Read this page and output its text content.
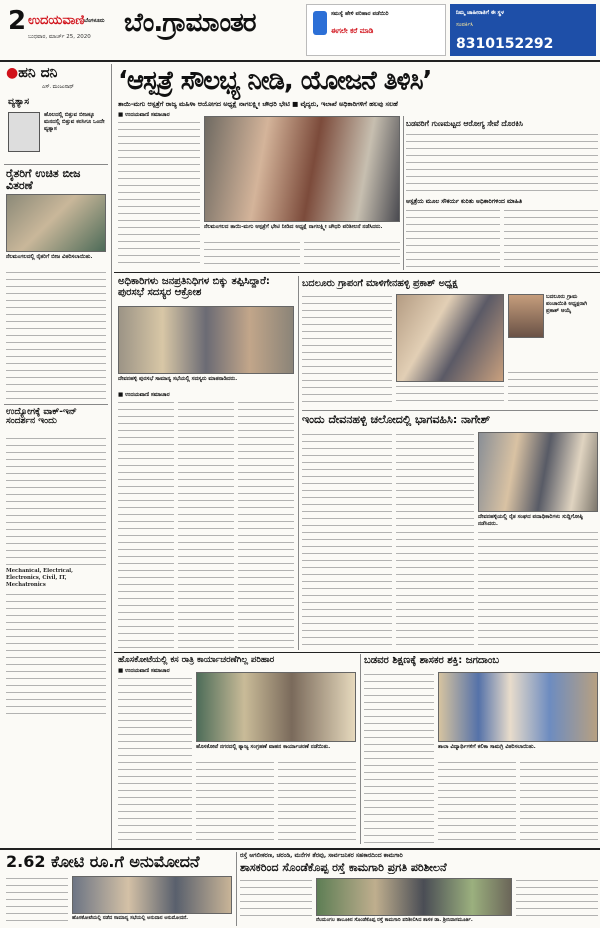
2 ಉದಯವಾಣಿ ಬೆಂಗಳೂರು
ಬುಧವಾರ, ಮಾರ್ಚ್ 25, 2020 ಬೆಂ.ಗ್ರಾಮಾಂತರ	ಸಮಸ್ಯೆ ಹೇಳಿ ಪರಿಹಾರ ಪಡೆಯಿರಿ
ಈಗಲೇ ಕರೆ ಮಾಡಿ
ನಿಮ್ಮ ಜಾಹೀರಾತಿಗೆ ಈ ಸ್ಥಳ
ಸಂಪರ್ಕಿಸಿ
8310152292
●ಹನಿ ದನಿ
ಎಸ್. ಮಂಜುನಾಥ್
ವ್ಯತ್ಯಾಸ
ಹೊಲದಲ್ಲಿ ಬಿತ್ತುವ ಬೀಜಕ್ಕೂ ಮನದಲ್ಲಿ ಬಿತ್ತುವ ಕನಸಿಗೂ ಒಂದೇ ವ್ಯತ್ಯಾಸ
ರೈತರಿಗೆ ಉಚಿತ ಬೀಜ ವಿತರಣೆ
ನೆಲಮಂಗಲದಲ್ಲಿ ರೈತರಿಗೆ ಬೀಜ ವಿತರಿಸಲಾಯಿತು.
ಉದ್ಯೋಗಕ್ಕೆ ವಾಕ್-ಇನ್ ಸಂದರ್ಶನ ಇಂದು
Mechanical, Electrical, Electronics, Civil, IT, Mechatronics
‘ಆಸ್ಪತ್ರೆ ಸೌಲಭ್ಯ ನೀಡಿ, ಯೋಜನೆ ತಿಳಿಸಿ’
ತಾಯಿ-ಮಗು ಆಸ್ಪತ್ರೆಗೆ ರಾಜ್ಯ ಮಹಿಳಾ ಆಯೋಗದ ಅಧ್ಯಕ್ಷೆ ನಾಗಲಕ್ಷ್ಮೀ ಚೌಧರಿ ಭೇಟಿ ■ ವೈದ್ಯರು, ಇಲಾಖೆ ಅಧಿಕಾರಿಗಳಿಗೆ ಹಲವು ಸಲಹೆ
■ ಉದಯವಾಣಿ ಸಮಾಚಾರ
ನೆಲಮಂಗಲದ ತಾಯಿ-ಮಗು ಆಸ್ಪತ್ರೆಗೆ ಭೇಟಿ ನೀಡಿದ ಅಧ್ಯಕ್ಷೆ ನಾಗಲಕ್ಷ್ಮೀ ಚೌಧರಿ ಪರಿಶೀಲನೆ ನಡೆಸಿದರು.
ಬಡವರಿಗೆ ಗುಣಮಟ್ಟದ ಆರೋಗ್ಯ ಸೇವೆ ದೊರಕಿಸಿ
ಆಸ್ಪತ್ರೆಯ ಮೂಲ ಸೌಕರ್ಯ ಕುರಿತು ಅಧಿಕಾರಿಗಳಿಂದ ಮಾಹಿತಿ
ಅಧಿಕಾರಿಗಳು ಜನಪ್ರತಿನಿಧಿಗಳ ಬಿಕ್ಕು ತಪ್ಪಿಸಿದ್ದಾರೆ: ಪುರಸಭೆ ಸದಸ್ಯರ ಆಕ್ರೋಶ
ದೇವನಹಳ್ಳಿ ಪುರಸಭೆ ಸಾಮಾನ್ಯ ಸಭೆಯಲ್ಲಿ ಸದಸ್ಯರು ಮಾತನಾಡಿದರು.
■ ಉದಯವಾಣಿ ಸಮಾಚಾರ
ಬದಲೂರು ಗ್ರಾಪಂಗೆ ಮಾಳಿಗೇನಹಳ್ಳಿ ಪ್ರಕಾಶ್ ಅಧ್ಯಕ್ಷ
ಬದಲೂರು ಗ್ರಾಮ ಪಂಚಾಯಿತಿ ಅಧ್ಯಕ್ಷರಾಗಿ ಪ್ರಕಾಶ್ ಆಯ್ಕೆ
ಇಂದು ದೇವನಹಳ್ಳಿ ಚಲೋದಲ್ಲಿ ಭಾಗವಹಿಸಿ: ನಾಗೇಶ್
ದೇವನಹಳ್ಳಿಯಲ್ಲಿ ರೈತ ಸಂಘದ ಪದಾಧಿಕಾರಿಗಳು ಸುದ್ದಿಗೋಷ್ಠಿ ನಡೆಸಿದರು.
ಹೊಸಕೋಟೆಯಲ್ಲಿ ಕಸ ರಾತ್ರಿ ಕಾರ್ಯಾಚರಣೆಗಿಲ್ಲ ಪರಿಹಾರ
■ ಉದಯವಾಣಿ ಸಮಾಚಾರ
ಹೊಸಕೋಟೆ ನಗರದಲ್ಲಿ ತ್ಯಾಜ್ಯ ಸಂಗ್ರಹಣೆ ವಾಹನ ಕಾರ್ಯಾಚರಣೆ ನಡೆಯಿತು.
ಬಡವರ ಶಿಕ್ಷಣಕ್ಕೆ ಶಾಸಕರ ಶಕ್ತಿ: ಜಗದಾಂಬ
ಶಾಲಾ ವಿದ್ಯಾರ್ಥಿಗಳಿಗೆ ಕಲಿಕಾ ಸಾಮಗ್ರಿ ವಿತರಿಸಲಾಯಿತು.
2.62 ಕೋಟಿ ರೂ.ಗೆ ಅನುಮೋದನೆ
ಹೊಸಕೋಟೆಯಲ್ಲಿ ನಡೆದ ಸಾಮಾನ್ಯ ಸಭೆಯಲ್ಲಿ ಅನುದಾನ ಅನುಮೋದನೆ.
ರಸ್ತೆ ಅಗಲೀಕರಣ, ಚರಂಡಿ, ಮನೆಗಳ ತೆರವು, ಸಾರ್ವಜನಿಕರ ಸಹಕಾರದಿಂದ ಕಾಮಗಾರಿ
ಶಾಸಕರಿಂದ ಸೊಂಡೆಕೊಪ್ಪ ರಸ್ತೆ ಕಾಮಗಾರಿ ಪ್ರಗತಿ ಪರಿಶೀಲನೆ
ನೆಲಮಂಗಲ ತಾಲೂಕಿನ ಸೊಂಡೆಕೊಪ್ಪ ರಸ್ತೆ ಕಾಮಗಾರಿ ಪರಿಶೀಲಿಸಿದ ಶಾಸಕ ಡಾ. ಶ್ರೀನಿವಾಸಮೂರ್ತಿ.
